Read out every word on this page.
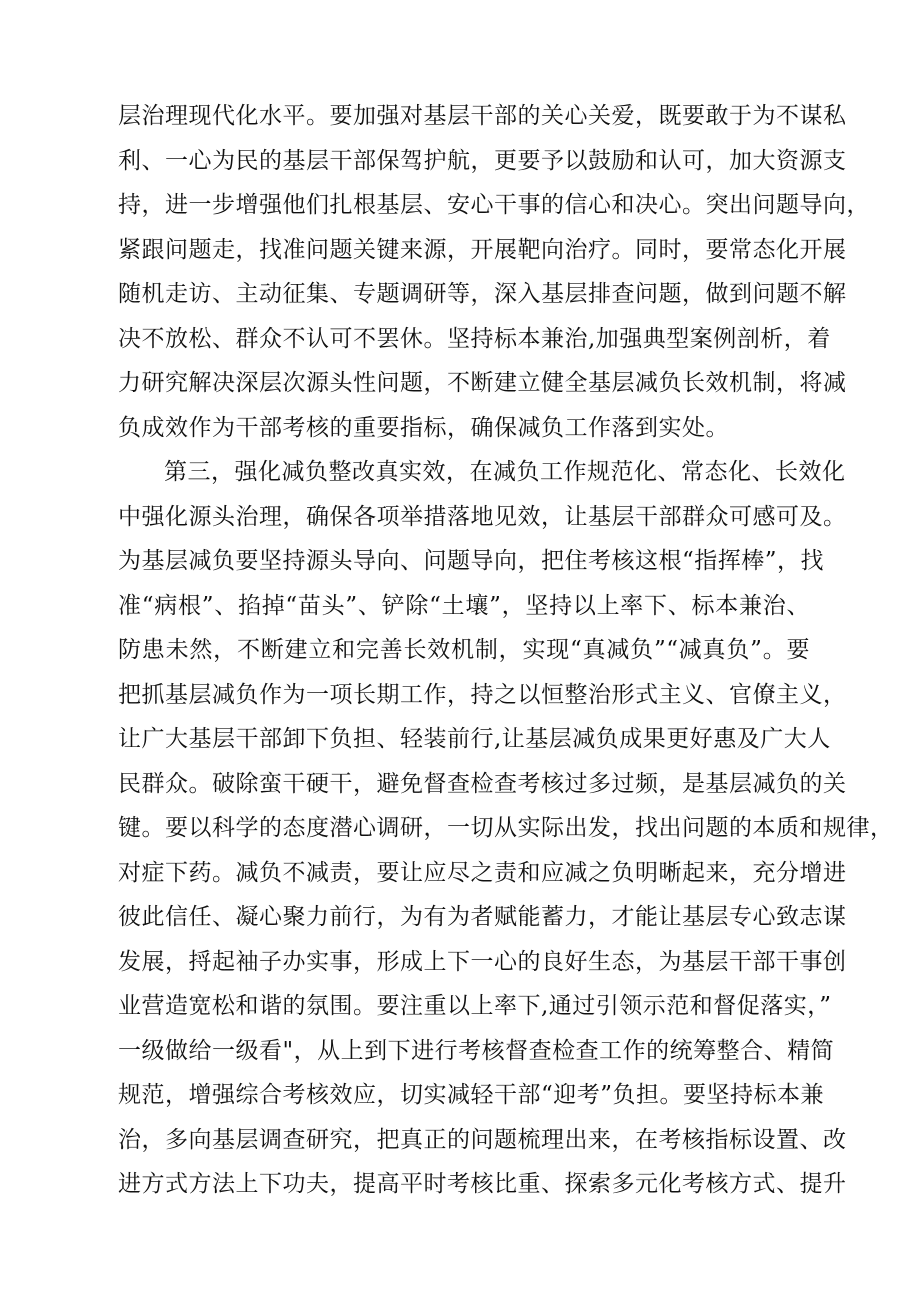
层治理现代化水平。要加强对基层干部的关心关爱，既要敢于为不谋私
利、一心为民的基层干部保驾护航，更要予以鼓励和认可，加大资源支
持，进一步增强他们扎根基层、安心干事的信心和决心。突出问题导向，
紧跟问题走，找准问题关键来源，开展靶向治疗。同时，要常态化开展
随机走访、主动征集、专题调研等，深入基层排查问题，做到问题不解
决不放松、群众不认可不罢休。坚持标本兼治,加强典型案例剖析，着
力研究解决深层次源头性问题，不断建立健全基层减负长效机制，将减
负成效作为干部考核的重要指标，确保减负工作落到实处。
第三，强化减负整改真实效，在减负工作规范化、常态化、长效化
中强化源头治理，确保各项举措落地见效，让基层干部群众可感可及。
为基层减负要坚持源头导向、问题导向，把住考核这根“指挥棒”，找
准“病根”、掐掉“苗头”、铲除“土壤”，坚持以上率下、标本兼治、
防患未然，不断建立和完善长效机制，实现“真减负”“减真负”。要
把抓基层减负作为一项长期工作，持之以恒整治形式主义、官僚主义，
让广大基层干部卸下负担、轻装前行,让基层减负成果更好惠及广大人
民群众。破除蛮干硬干，避免督查检查考核过多过频，是基层减负的关
键。要以科学的态度潜心调研，一切从实际出发，找出问题的本质和规律，
对症下药。减负不减责，要让应尽之责和应减之负明晰起来，充分增进
彼此信任、凝心聚力前行，为有为者赋能蓄力，才能让基层专心致志谋
发展，捋起袖子办实事，形成上下一心的良好生态，为基层干部干事创
业营造宽松和谐的氛围。要注重以上率下,通过引领示范和督促落实，”
一级做给一级看"，从上到下进行考核督查检查工作的统筹整合、精简
规范，增强综合考核效应，切实减轻干部“迎考”负担。要坚持标本兼
治，多向基层调查研究，把真正的问题梳理出来，在考核指标设置、改
进方式方法上下功夫，提高平时考核比重、探索多元化考核方式、提升
